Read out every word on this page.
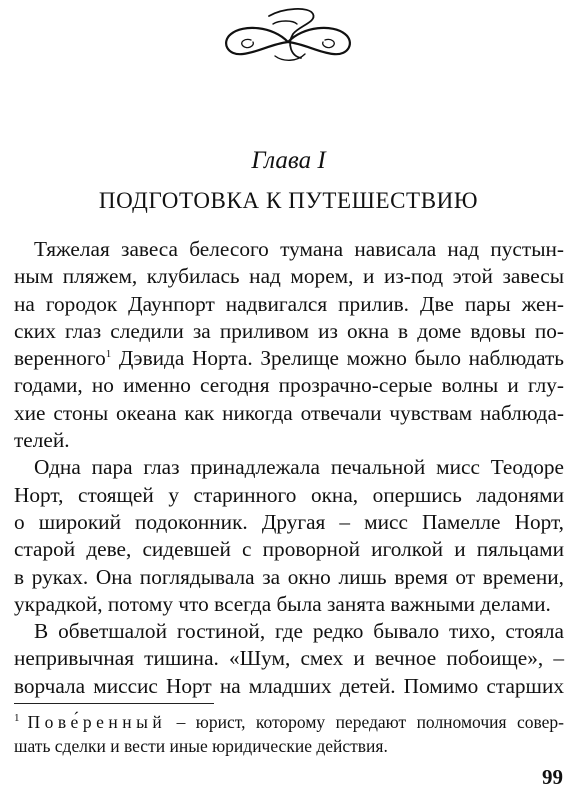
Глава I
ПОДГОТОВКА К ПУТЕШЕСТВИЮ
Тяжелая завеса белесого тумана нависала над пустын-
ным пляжем, клубилась над морем, и из-под этой завесы
на городок Даунпорт надвигался прилив. Две пары жен-
ских глаз следили за приливом из окна в доме вдовы по-
веренного$^1$ Дэвида Норта. Зрелище можно было наблюдать
годами, но именно сегодня прозрачно-серые волны и глу-
хие стоны океана как никогда отвечали чувствам наблюда-
телей.
Одна пара глаз принадлежала печальной мисс Теодоре
Норт, стоящей у старинного окна, опершись ладонями
о широкий подоконник. Другая – мисс Памелле Норт,
старой деве, сидевшей с проворной иголкой и пяльцами
в руках. Она поглядывала за окно лишь время от времени,
украдкой, потому что всегда была занята важными делами.
В обветшалой гостиной, где редко бывало тихо, стояла
непривычная тишина. «Шум, смех и вечное побоище», –
ворчала миссис Норт на младших детей. Помимо старших
$^1$ Пове́ренный – юрист, которому передают полномочия совер-
шать сделки и вести иные юридические действия.
99
